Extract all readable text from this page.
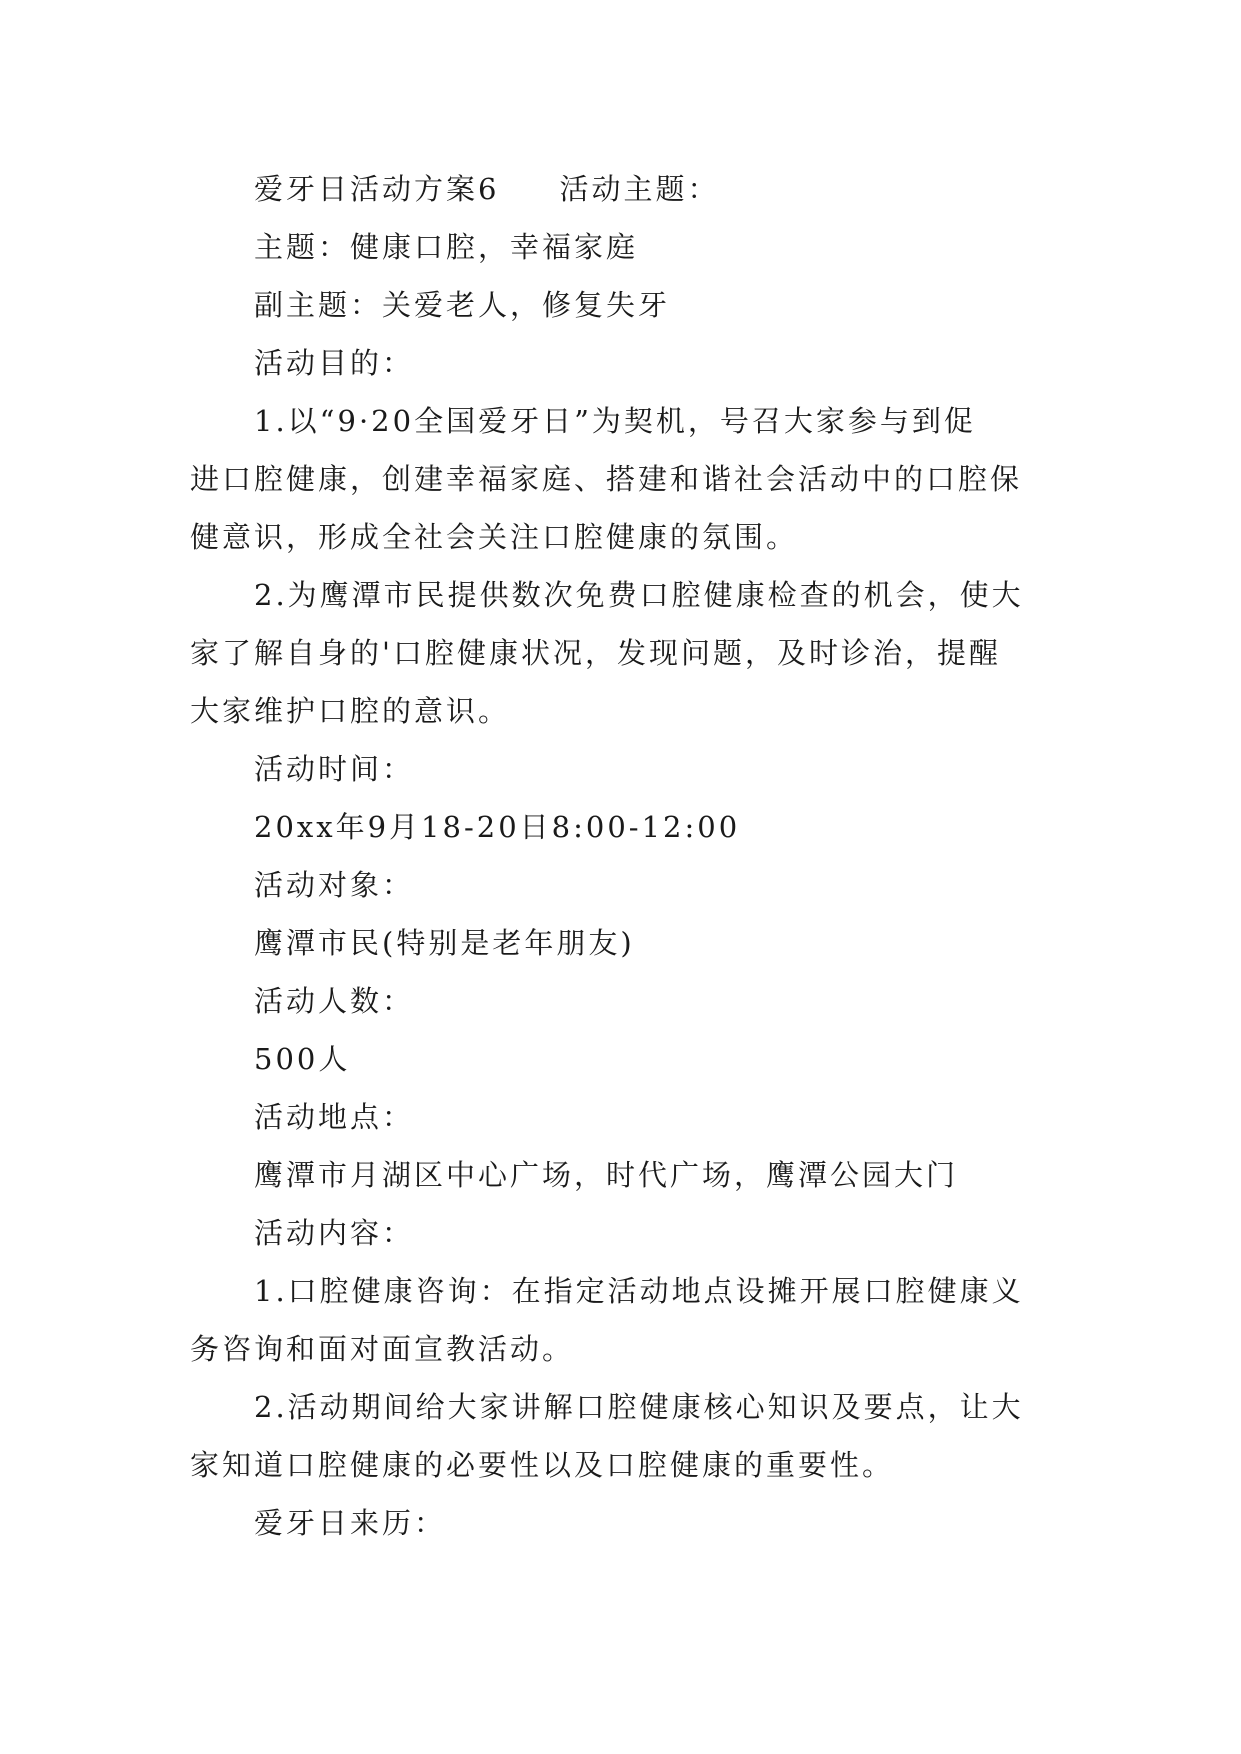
爱牙日活动方案6 活动主题：

主题：健康口腔，幸福家庭

副主题：关爱老人，修复失牙

活动目的：

1.以“9·20全国爱牙日”为契机，号召大家参与到促
进口腔健康，创建幸福家庭、搭建和谐社会活动中的口腔保
健意识，形成全社会关注口腔健康的氛围。

2.为鹰潭市民提供数次免费口腔健康检查的机会，使大
家了解自身的'口腔健康状况，发现问题，及时诊治，提醒
大家维护口腔的意识。

活动时间：

20xx年9月18-20日8:00-12:00

活动对象：

鹰潭市民(特别是老年朋友)

活动人数：

500人

活动地点：

鹰潭市月湖区中心广场，时代广场，鹰潭公园大门

活动内容：

1.口腔健康咨询：在指定活动地点设摊开展口腔健康义
务咨询和面对面宣教活动。

2.活动期间给大家讲解口腔健康核心知识及要点，让大
家知道口腔健康的必要性以及口腔健康的重要性。

爱牙日来历：
